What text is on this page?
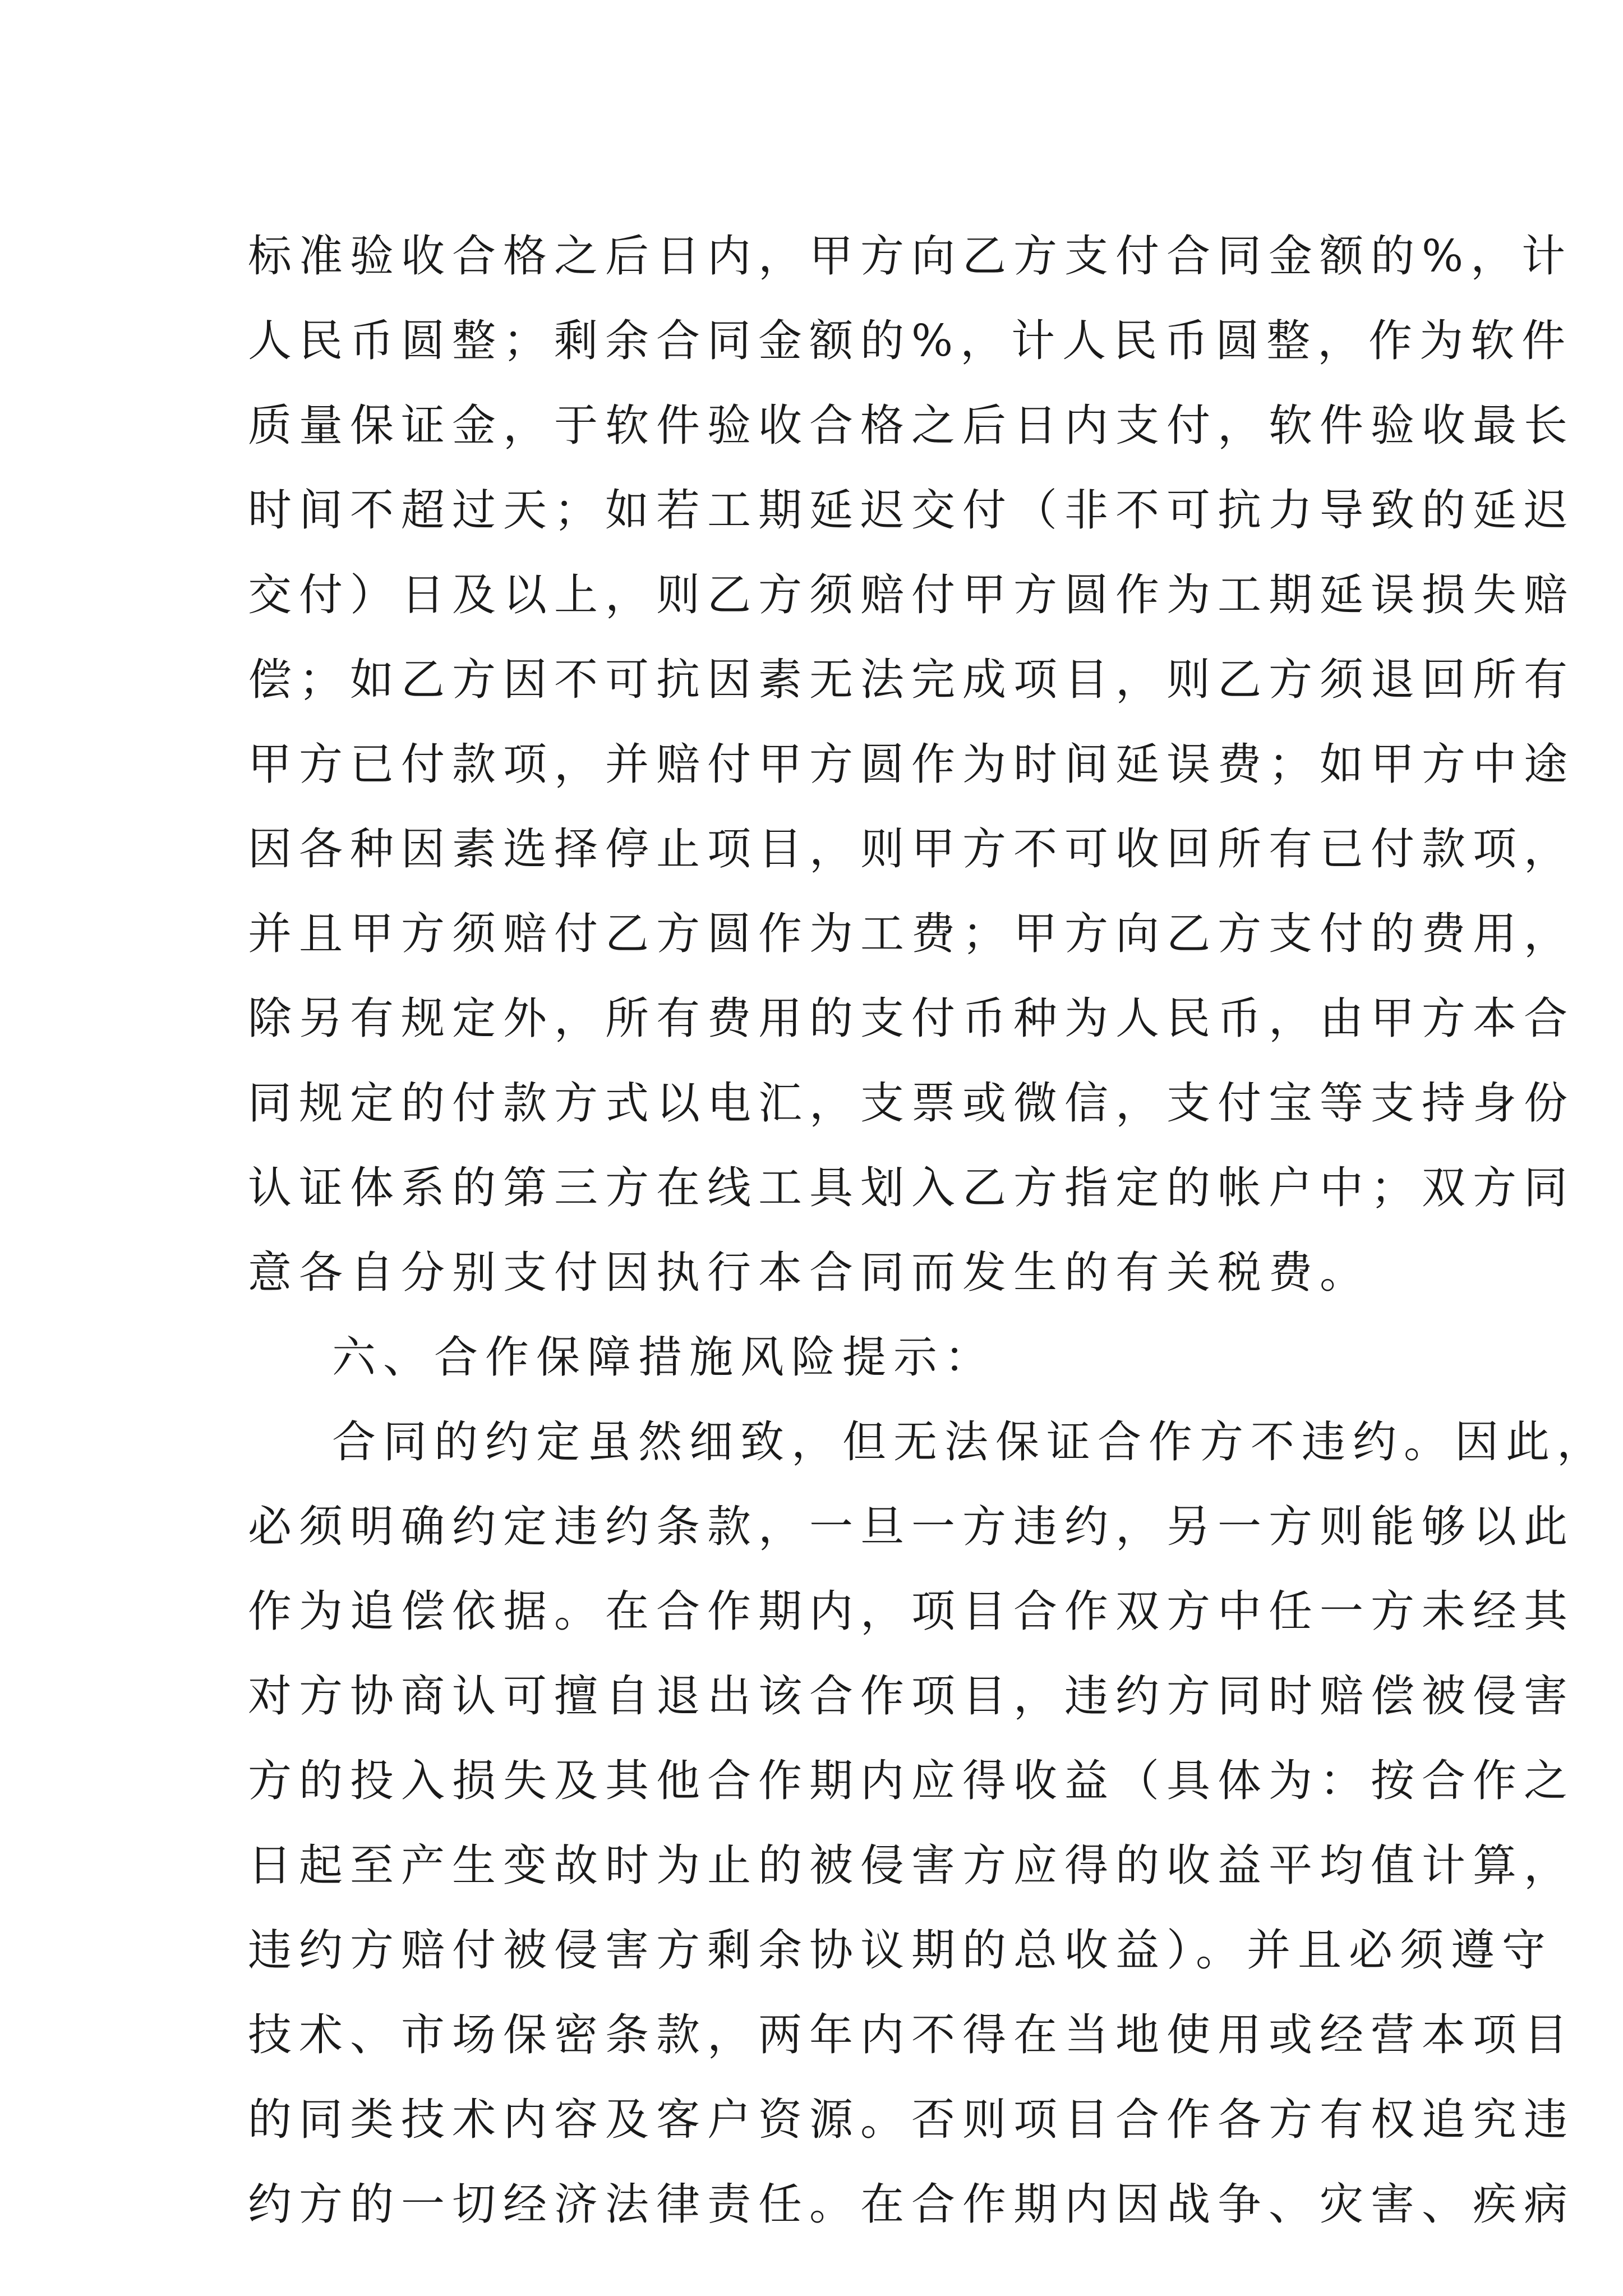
标准验收合格之后日内，甲方向乙方支付合同金额的%，计
人民币圆整；剩余合同金额的%，计人民币圆整，作为软件
质量保证金，于软件验收合格之后日内支付，软件验收最长
时间不超过天；如若工期延迟交付（非不可抗力导致的延迟
交付）日及以上，则乙方须赔付甲方圆作为工期延误损失赔
偿；如乙方因不可抗因素无法完成项目，则乙方须退回所有
甲方已付款项，并赔付甲方圆作为时间延误费；如甲方中途
因各种因素选择停止项目，则甲方不可收回所有已付款项，
并且甲方须赔付乙方圆作为工费；甲方向乙方支付的费用，
除另有规定外，所有费用的支付币种为人民币，由甲方本合
同规定的付款方式以电汇，支票或微信，支付宝等支持身份
认证体系的第三方在线工具划入乙方指定的帐户中；双方同
意各自分别支付因执行本合同而发生的有关税费。
六、合作保障措施风险提示：
合同的约定虽然细致，但无法保证合作方不违约。因此，
必须明确约定违约条款，一旦一方违约，另一方则能够以此
作为追偿依据。在合作期内，项目合作双方中任一方未经其
对方协商认可擅自退出该合作项目，违约方同时赔偿被侵害
方的投入损失及其他合作期内应得收益（具体为：按合作之
日起至产生变故时为止的被侵害方应得的收益平均值计算，
违约方赔付被侵害方剩余协议期的总收益）。并且必须遵守
技术、市场保密条款，两年内不得在当地使用或经营本项目
的同类技术内容及客户资源。否则项目合作各方有权追究违
约方的一切经济法律责任。在合作期内因战争、灾害、疾病
